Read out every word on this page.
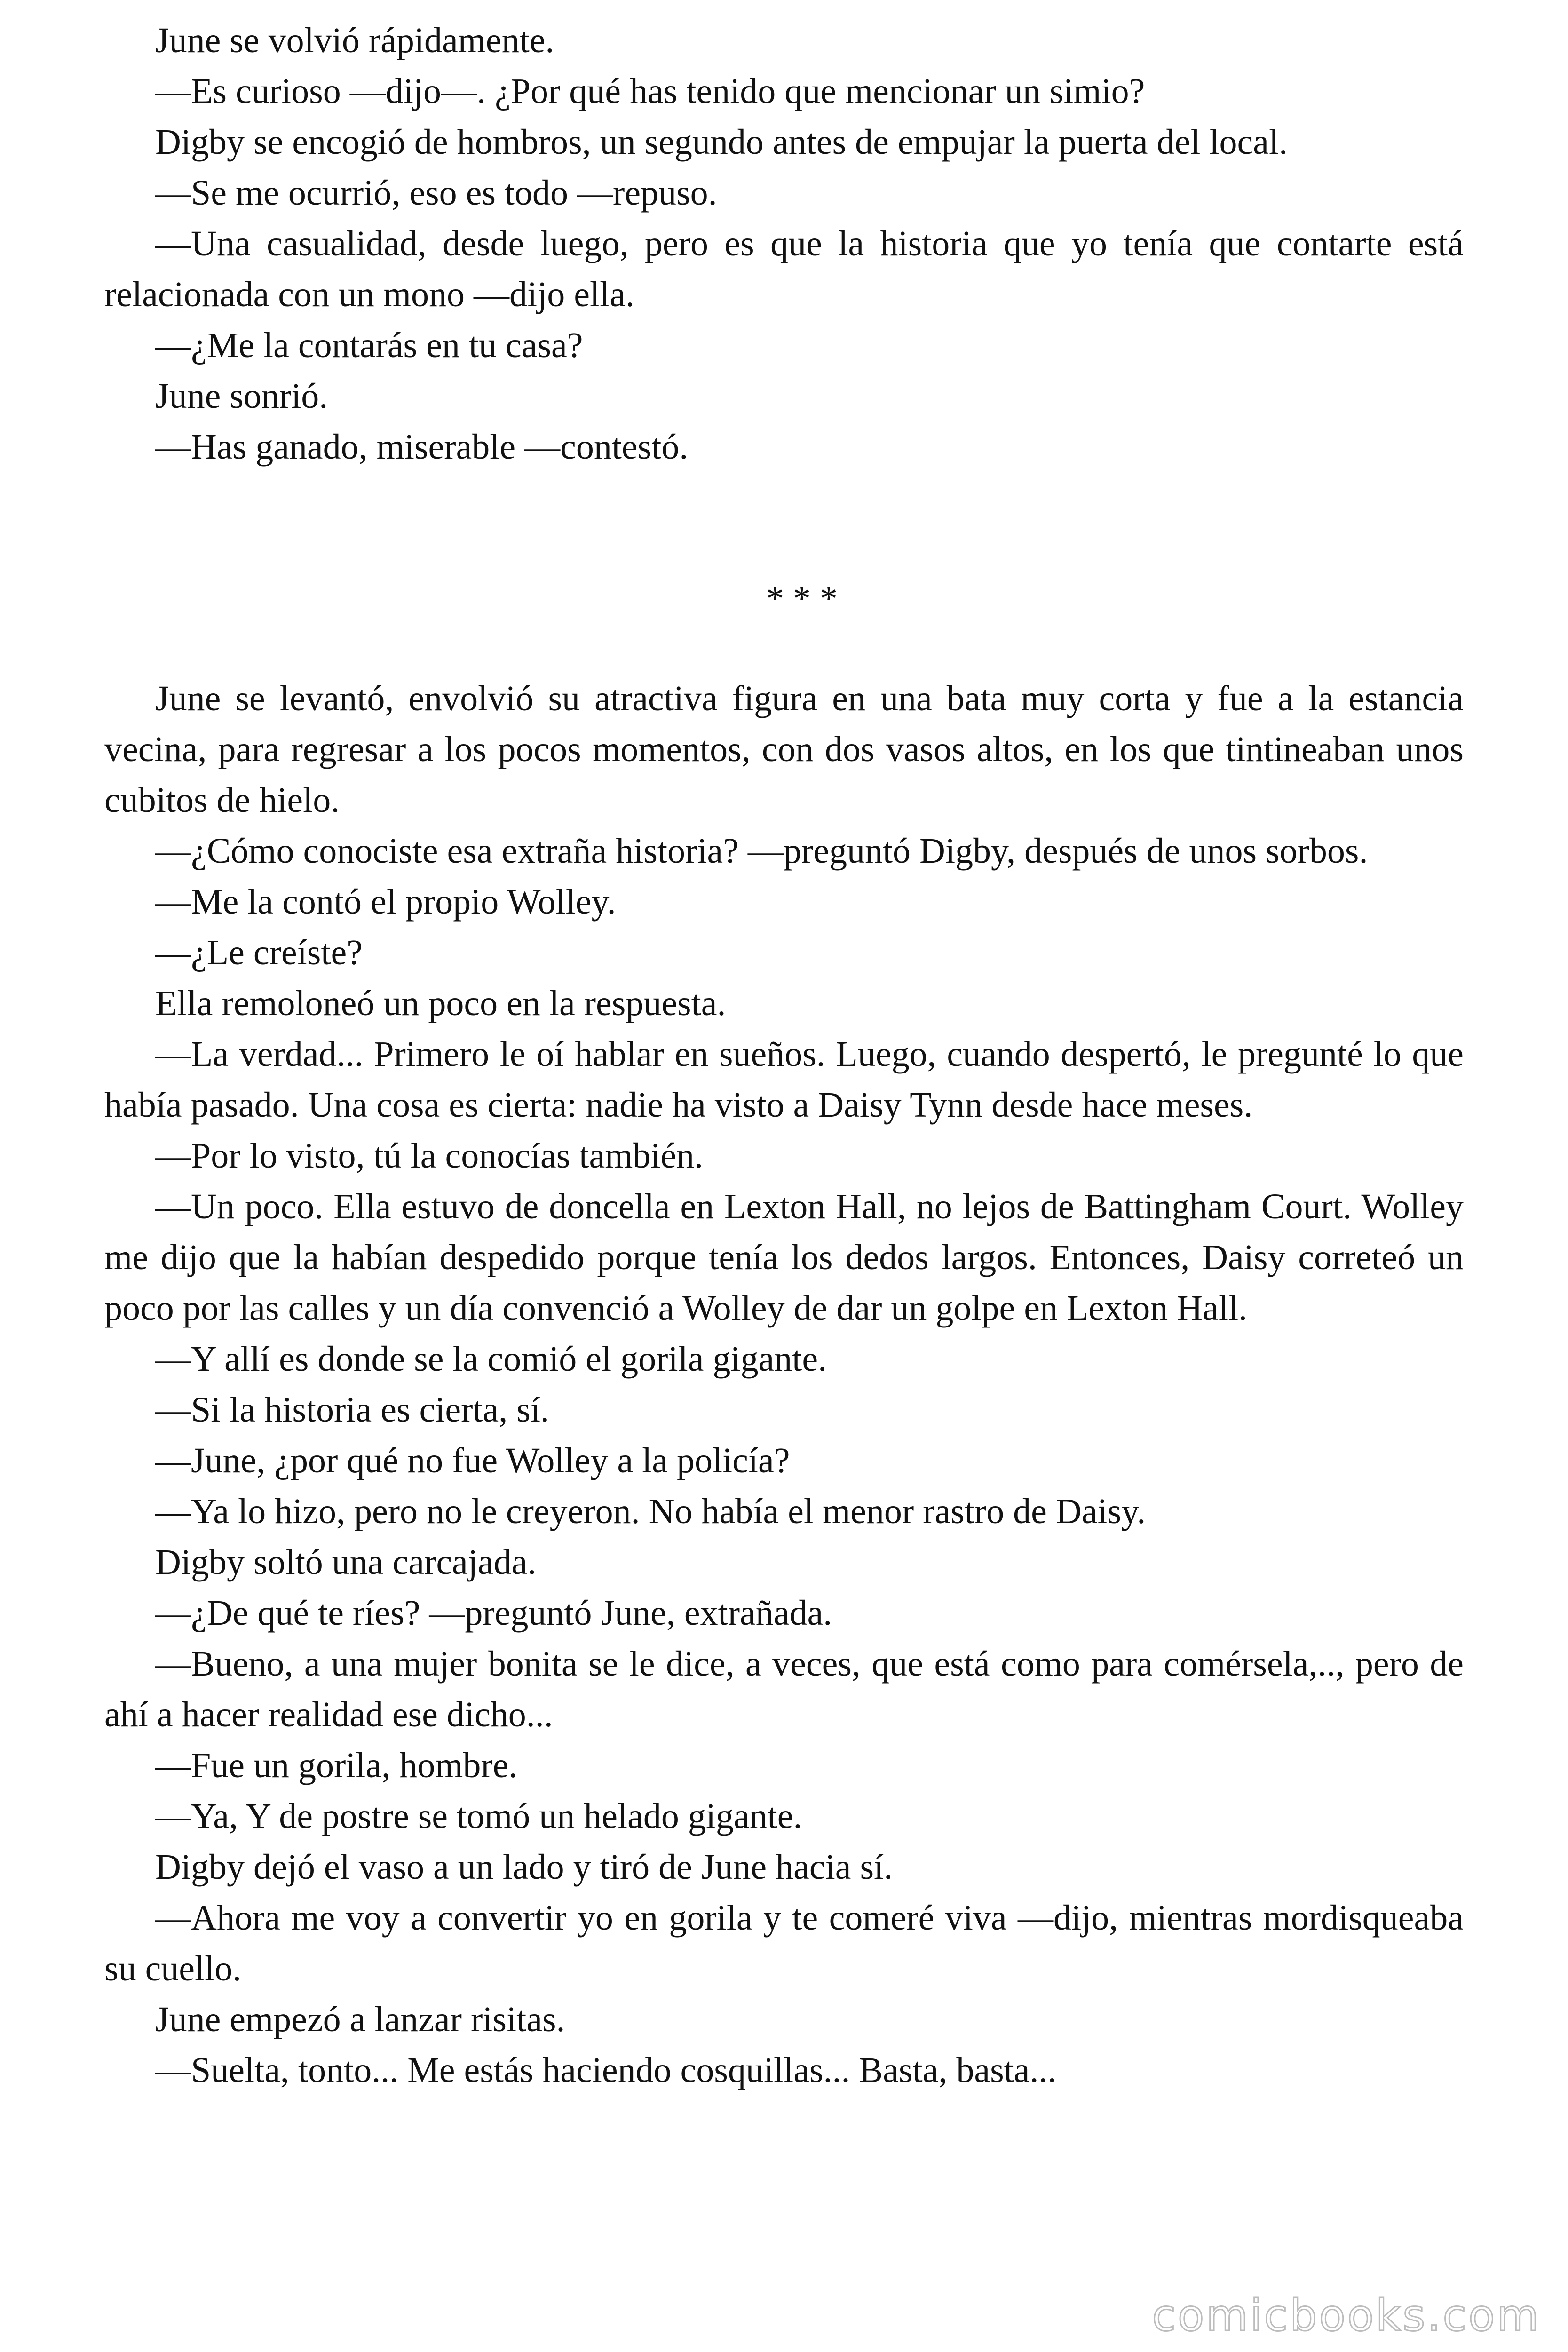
June se volvió rápidamente.

—Es curioso —dijo—. ¿Por qué has tenido que mencionar un simio?

Digby se encogió de hombros, un segundo antes de empujar la puerta del local.

—Se me ocurrió, eso es todo —repuso.

—Una casualidad, desde luego, pero es que la historia que yo tenía que contarte está relacionada con un mono —dijo ella.

—¿Me la contarás en tu casa?

June sonrió.

—Has ganado, miserable —contestó.

* * *

June se levantó, envolvió su atractiva figura en una bata muy corta y fue a la estancia vecina, para regresar a los pocos momentos, con dos vasos altos, en los que tintineaban unos cubitos de hielo.

—¿Cómo conociste esa extraña historia? —preguntó Digby, después de unos sorbos.

—Me la contó el propio Wolley.

—¿Le creíste?

Ella remoloneó un poco en la respuesta.

—La verdad... Primero le oí hablar en sueños. Luego, cuando despertó, le pregunté lo que había pasado. Una cosa es cierta: nadie ha visto a Daisy Tynn desde hace meses.

—Por lo visto, tú la conocías también.

—Un poco. Ella estuvo de doncella en Lexton Hall, no lejos de Battingham Court. Wolley me dijo que la habían despedido porque tenía los dedos largos. Entonces, Daisy correteó un poco por las calles y un día convenció a Wolley de dar un golpe en Lexton Hall.

—Y allí es donde se la comió el gorila gigante.

—Si la historia es cierta, sí.

—June, ¿por qué no fue Wolley a la policía?

—Ya lo hizo, pero no le creyeron. No había el menor rastro de Daisy.

Digby soltó una carcajada.

—¿De qué te ríes? —preguntó June, extrañada.

—Bueno, a una mujer bonita se le dice, a veces, que está como para comérsela,.., pero de ahí a hacer realidad ese dicho...

—Fue un gorila, hombre.

—Ya, Y de postre se tomó un helado gigante.

Digby dejó el vaso a un lado y tiró de June hacia sí.

—Ahora me voy a convertir yo en gorila y te comeré viva —dijo, mientras mordisqueaba su cuello.

June empezó a lanzar risitas.

—Suelta, tonto... Me estás haciendo cosquillas... Basta, basta...

comicbooks.com
